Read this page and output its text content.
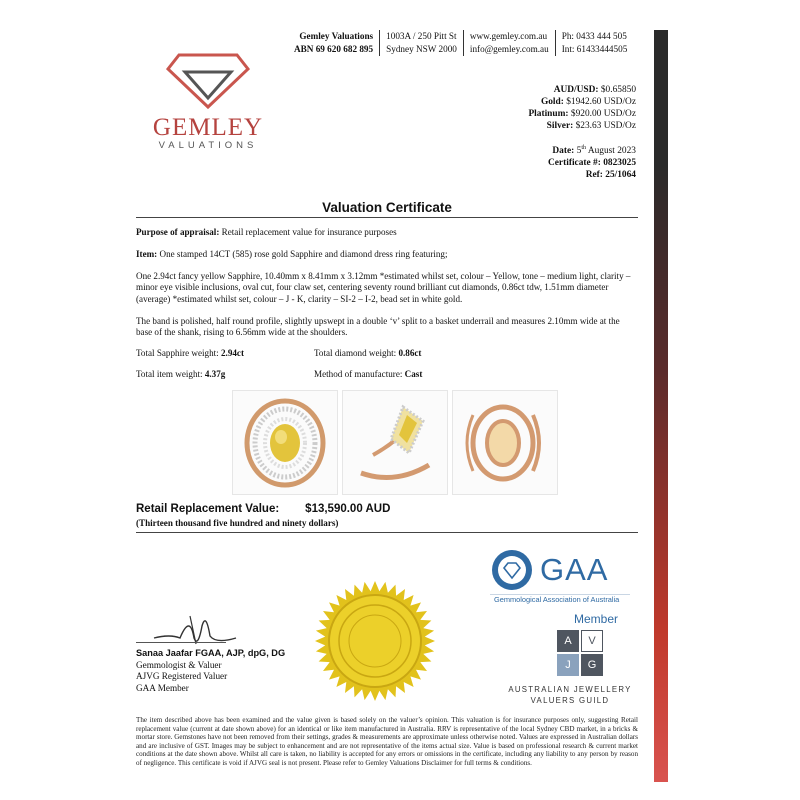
Gemley Valuations
ABN 69 620 682 895
1003A / 250 Pitt St
Sydney NSW 2000
www.gemley.com.au
info@gemley.com.au
Ph: 0433 444 505
Int: 61433444505
GEMLEY
VALUATIONS
AUD/USD: $0.65850
Gold: $1942.60 USD/Oz
Platinum: $920.00 USD/Oz
Silver: $23.63 USD/Oz
Date: 5th August 2023
Certificate #: 0823025
Ref: 25/1064
Valuation Certificate
Purpose of appraisal: Retail replacement value for insurance purposes
Item: One stamped 14CT (585) rose gold Sapphire and diamond dress ring featuring;
One 2.94ct fancy yellow Sapphire, 10.40mm x 8.41mm x 3.12mm *estimated whilst set, colour – Yellow, tone – medium light, clarity – minor eye visible inclusions, oval cut, four claw set, centering seventy round brilliant cut diamonds, 0.86ct tdw, 1.51mm diameter (average) *estimated whilst set, colour – J - K, clarity – SI-2 – I-2, bead set in white gold.
The band is polished, half round profile, slightly upswept in a double ‘v’ split to a basket underrail and measures 2.10mm wide at the base of the shank, rising to 6.56mm wide at the shoulders.
Total Sapphire weight: 2.94ct	Total diamond weight: 0.86ct
Total item weight: 4.37g	Method of manufacture: Cast
Retail Replacement Value: $13,590.00 AUD
(Thirteen thousand five hundred and ninety dollars)
GAA
Gemmological Association of Australia
Member
A	V
J	G
AUSTRALIAN JEWELLERY
VALUERS GUILD
Sanaa Jaafar FGAA, AJP, dpG, DG
Gemmologist & Valuer
AJVG Registered Valuer
GAA Member
The item described above has been examined and the value given is based solely on the valuer’s opinion. This valuation is for insurance purposes only, suggesting Retail replacement value (current at date shown above) for an identical or like item manufactured in Australia. RRV is representative of the local Sydney CBD market, in a bricks & mortar store. Gemstones have not been removed from their settings, grades & measurements are approximate unless otherwise noted. Values are expressed in Australian dollars and are inclusive of GST. Images may be subject to enhancement and are not representative of the items actual size. Value is based on professional research & current market conditions at the date shown above. Whilst all care is taken, no liability is accepted for any errors or omissions in the certificate, including any liability to any person by reason of negligence. This certificate is void if AJVG seal is not present. Please refer to Gemley Valuations Disclaimer for full terms & conditions.
